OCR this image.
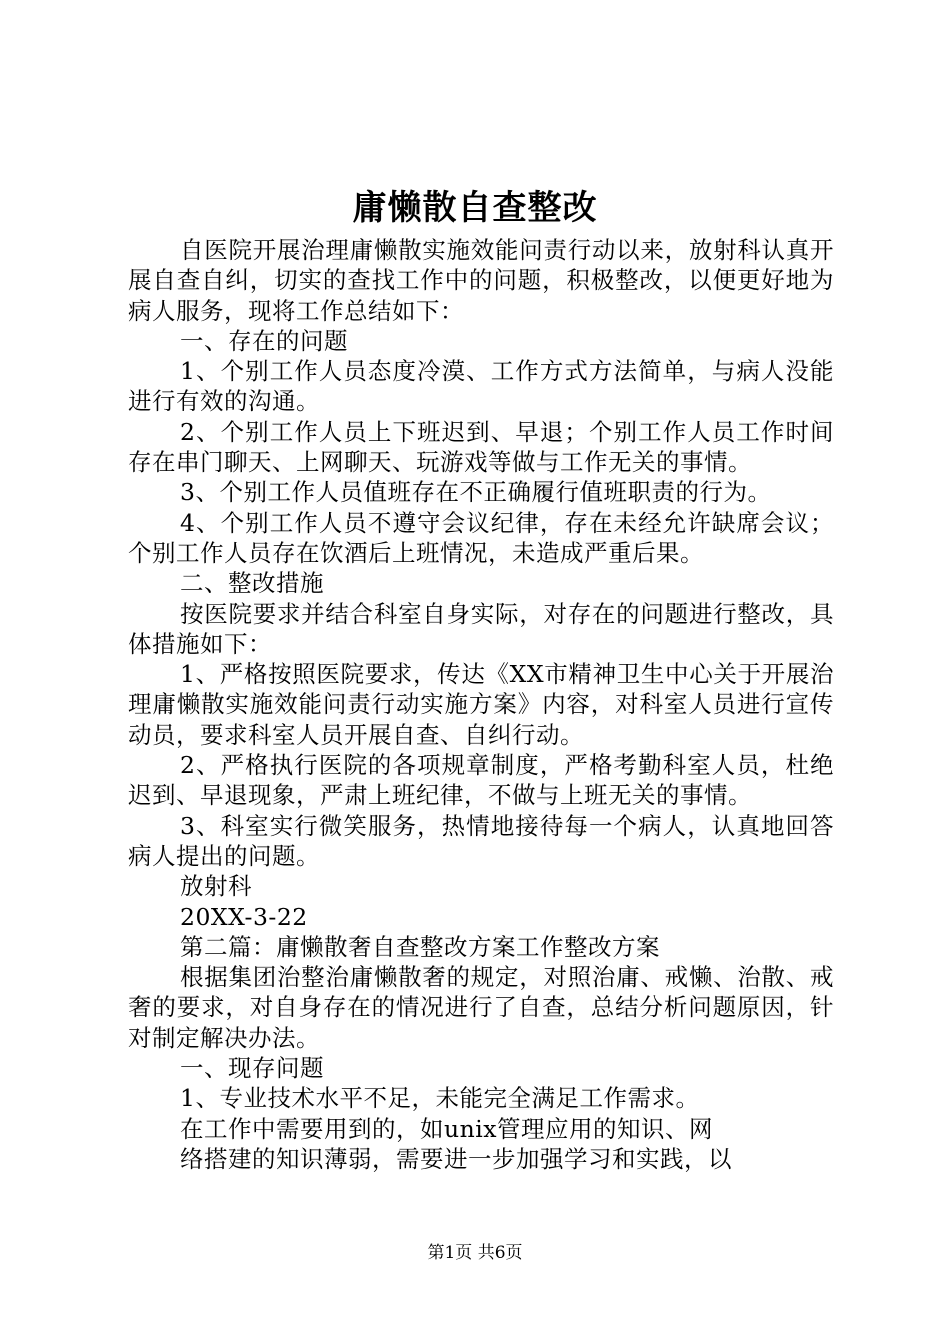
庸懒散自查整改

自医院开展治理庸懒散实施效能问责行动以来，放射科认真开展自查自纠，切实的查找工作中的问题，积极整改，以便更好地为病人服务，现将工作总结如下：

一、存在的问题

1、个别工作人员态度冷漠、工作方式方法简单，与病人没能进行有效的沟通。

2、个别工作人员上下班迟到、早退；个别工作人员工作时间存在串门聊天、上网聊天、玩游戏等做与工作无关的事情。

3、个别工作人员值班存在不正确履行值班职责的行为。

4、个别工作人员不遵守会议纪律，存在未经允许缺席会议；个别工作人员存在饮酒后上班情况，未造成严重后果。

二、整改措施

按医院要求并结合科室自身实际，对存在的问题进行整改，具体措施如下：

1、严格按照医院要求，传达《XX市精神卫生中心关于开展治理庸懒散实施效能问责行动实施方案》内容，对科室人员进行宣传动员，要求科室人员开展自查、自纠行动。

2、严格执行医院的各项规章制度，严格考勤科室人员，杜绝迟到、早退现象，严肃上班纪律，不做与上班无关的事情。

3、科室实行微笑服务，热情地接待每一个病人，认真地回答病人提出的问题。

放射科

20XX-3-22

第二篇：庸懒散奢自查整改方案工作整改方案

根据集团治整治庸懒散奢的规定，对照治庸、戒懒、治散、戒奢的要求，对自身存在的情况进行了自查，总结分析问题原因，针对制定解决办法。

一、现存问题

1、专业技术水平不足，未能完全满足工作需求。

在工作中需要用到的，如unix管理应用的知识、网

络搭建的知识薄弱，需要进一步加强学习和实践，以

第1页 共6页
